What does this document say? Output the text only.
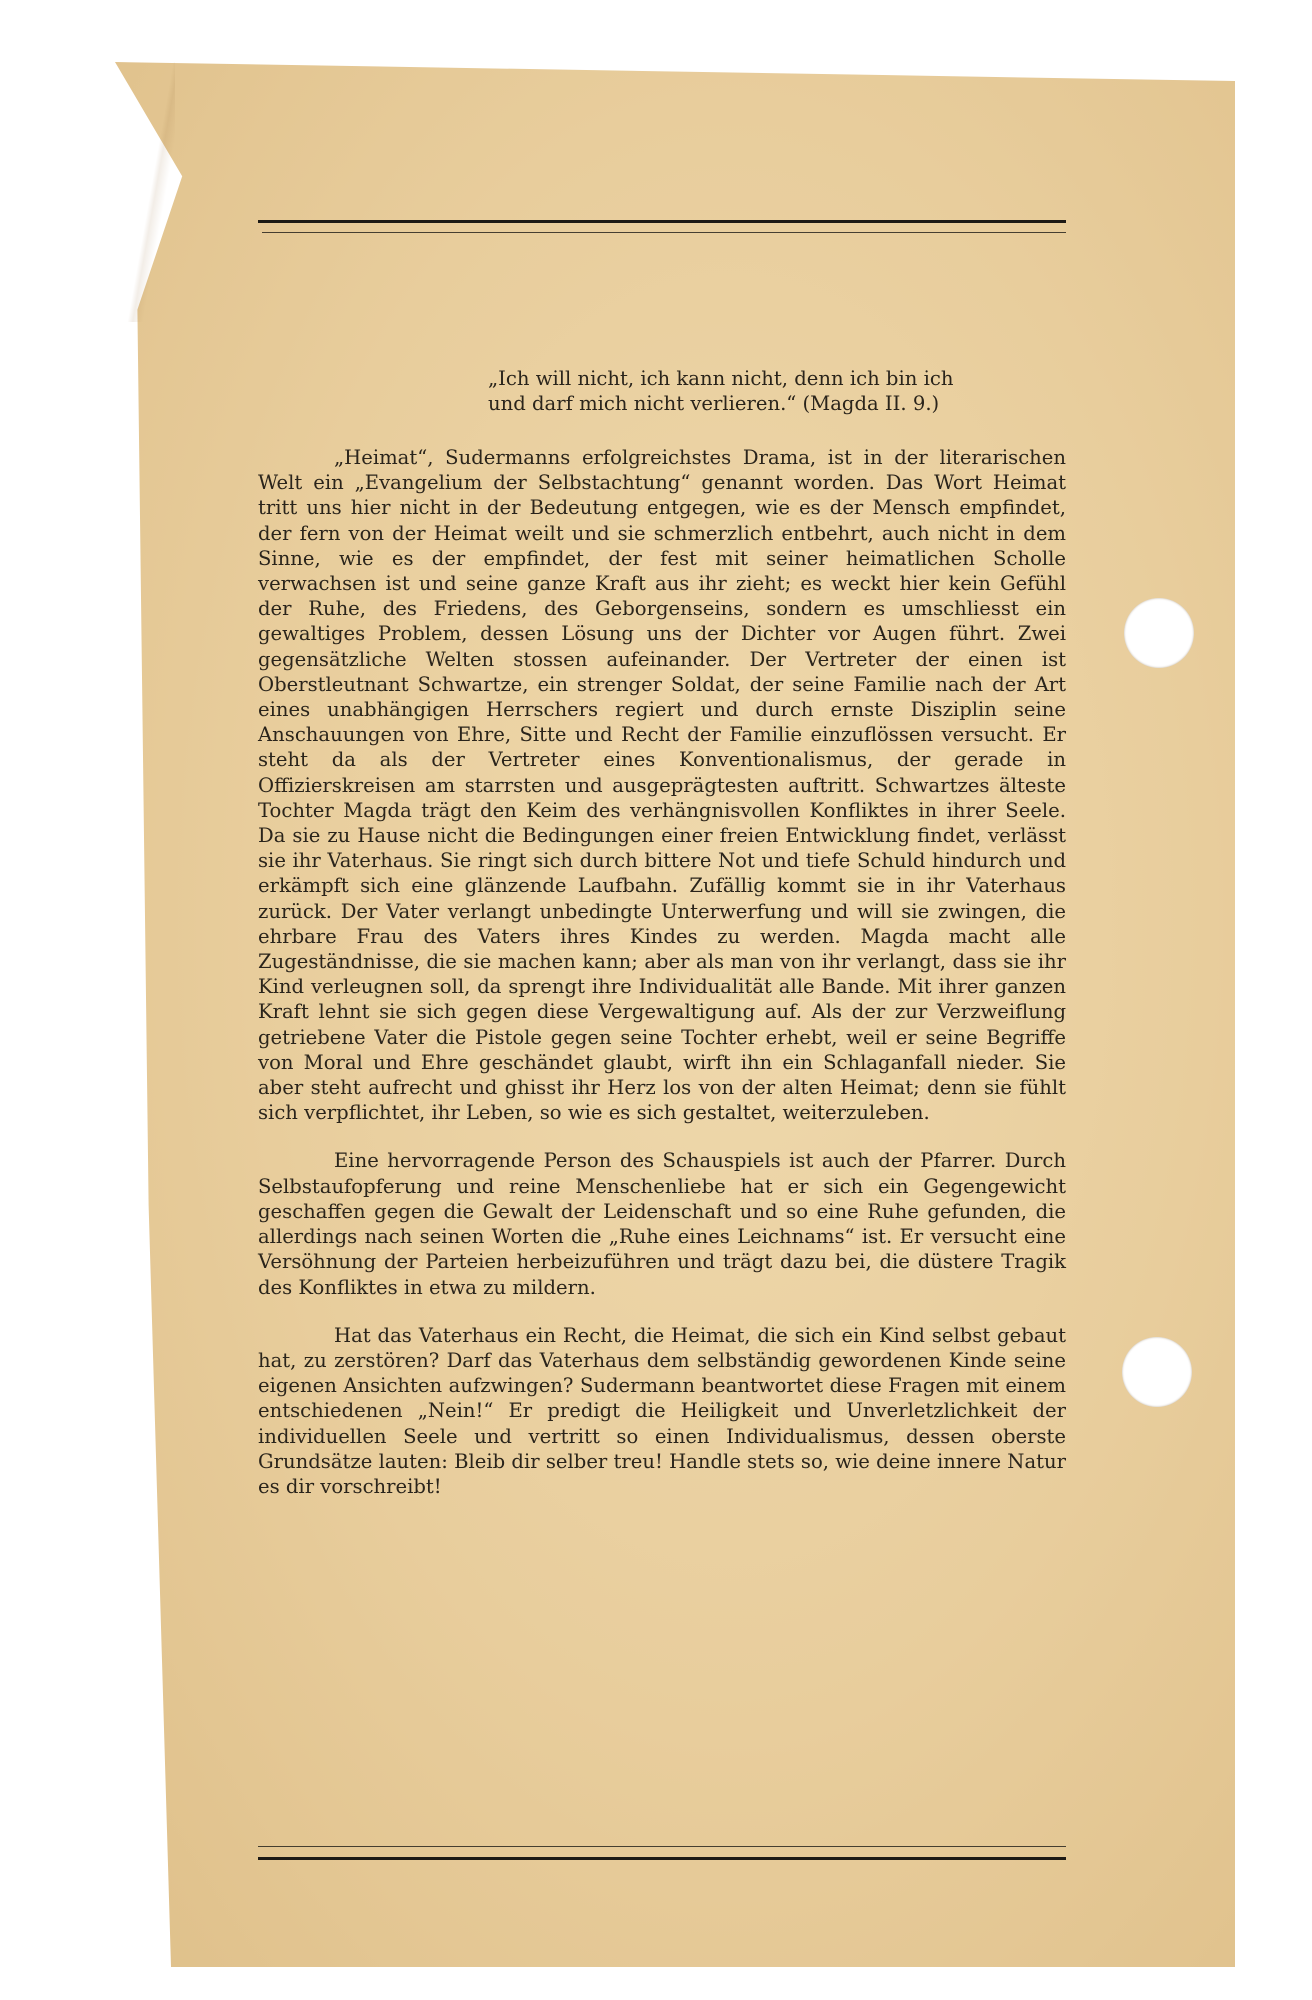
„Ich will nicht, ich kann nicht, denn ich bin ich
und darf mich nicht verlieren.“ (Magda II. 9.)

„Heimat“, Sudermanns erfolgreichstes Drama, ist in der literarischen Welt ein „Evangelium der Selbstachtung“ genannt worden. Das Wort Heimat tritt uns hier nicht in der Bedeutung entgegen, wie es der Mensch empfindet, der fern von der Heimat weilt und sie schmerzlich entbehrt, auch nicht in dem Sinne, wie es der empfindet, der fest mit seiner heimatlichen Scholle verwachsen ist und seine ganze Kraft aus ihr zieht; es weckt hier kein Gefühl der Ruhe, des Friedens, des Geborgenseins, sondern es umschliesst ein gewaltiges Problem, dessen Lösung uns der Dichter vor Augen führt. Zwei gegensätzliche Welten stossen aufeinander. Der Vertreter der einen ist Oberstleutnant Schwartze, ein strenger Soldat, der seine Familie nach der Art eines unabhängigen Herrschers regiert und durch ernste Disziplin seine Anschauungen von Ehre, Sitte und Recht der Familie einzuflössen versucht. Er steht da als der Vertreter eines Konventionalismus, der gerade in Offizierskreisen am starrsten und ausgeprägtesten auftritt. Schwartzes älteste Tochter Magda trägt den Keim des verhängnisvollen Konfliktes in ihrer Seele. Da sie zu Hause nicht die Bedingungen einer freien Entwicklung findet, verlässt sie ihr Vaterhaus. Sie ringt sich durch bittere Not und tiefe Schuld hindurch und erkämpft sich eine glänzende Laufbahn. Zufällig kommt sie in ihr Vaterhaus zurück. Der Vater verlangt unbedingte Unterwerfung und will sie zwingen, die ehrbare Frau des Vaters ihres Kindes zu werden. Magda macht alle Zugeständnisse, die sie machen kann; aber als man von ihr verlangt, dass sie ihr Kind verleugnen soll, da sprengt ihre Individualität alle Bande. Mit ihrer ganzen Kraft lehnt sie sich gegen diese Vergewaltigung auf. Als der zur Verzweiflung getriebene Vater die Pistole gegen seine Tochter erhebt, weil er seine Begriffe von Moral und Ehre geschändet glaubt, wirft ihn ein Schlaganfall nieder. Sie aber steht aufrecht und ghisst ihr Herz los von der alten Heimat; denn sie fühlt sich verpflichtet, ihr Leben, so wie es sich gestaltet, weiterzuleben.

Eine hervorragende Person des Schauspiels ist auch der Pfarrer. Durch Selbstaufopferung und reine Menschenliebe hat er sich ein Gegengewicht geschaffen gegen die Gewalt der Leidenschaft und so eine Ruhe gefunden, die allerdings nach seinen Worten die „Ruhe eines Leichnams“ ist. Er versucht eine Versöhnung der Parteien herbeizuführen und trägt dazu bei, die düstere Tragik des Konfliktes in etwa zu mildern.

Hat das Vaterhaus ein Recht, die Heimat, die sich ein Kind selbst gebaut hat, zu zerstören? Darf das Vaterhaus dem selbständig gewordenen Kinde seine eigenen Ansichten aufzwingen? Sudermann beantwortet diese Fragen mit einem entschiedenen „Nein!“ Er predigt die Heiligkeit und Unverletzlichkeit der individuellen Seele und vertritt so einen Individualismus, dessen oberste Grundsätze lauten: Bleib dir selber treu! Handle stets so, wie deine innere Natur es dir vorschreibt!
